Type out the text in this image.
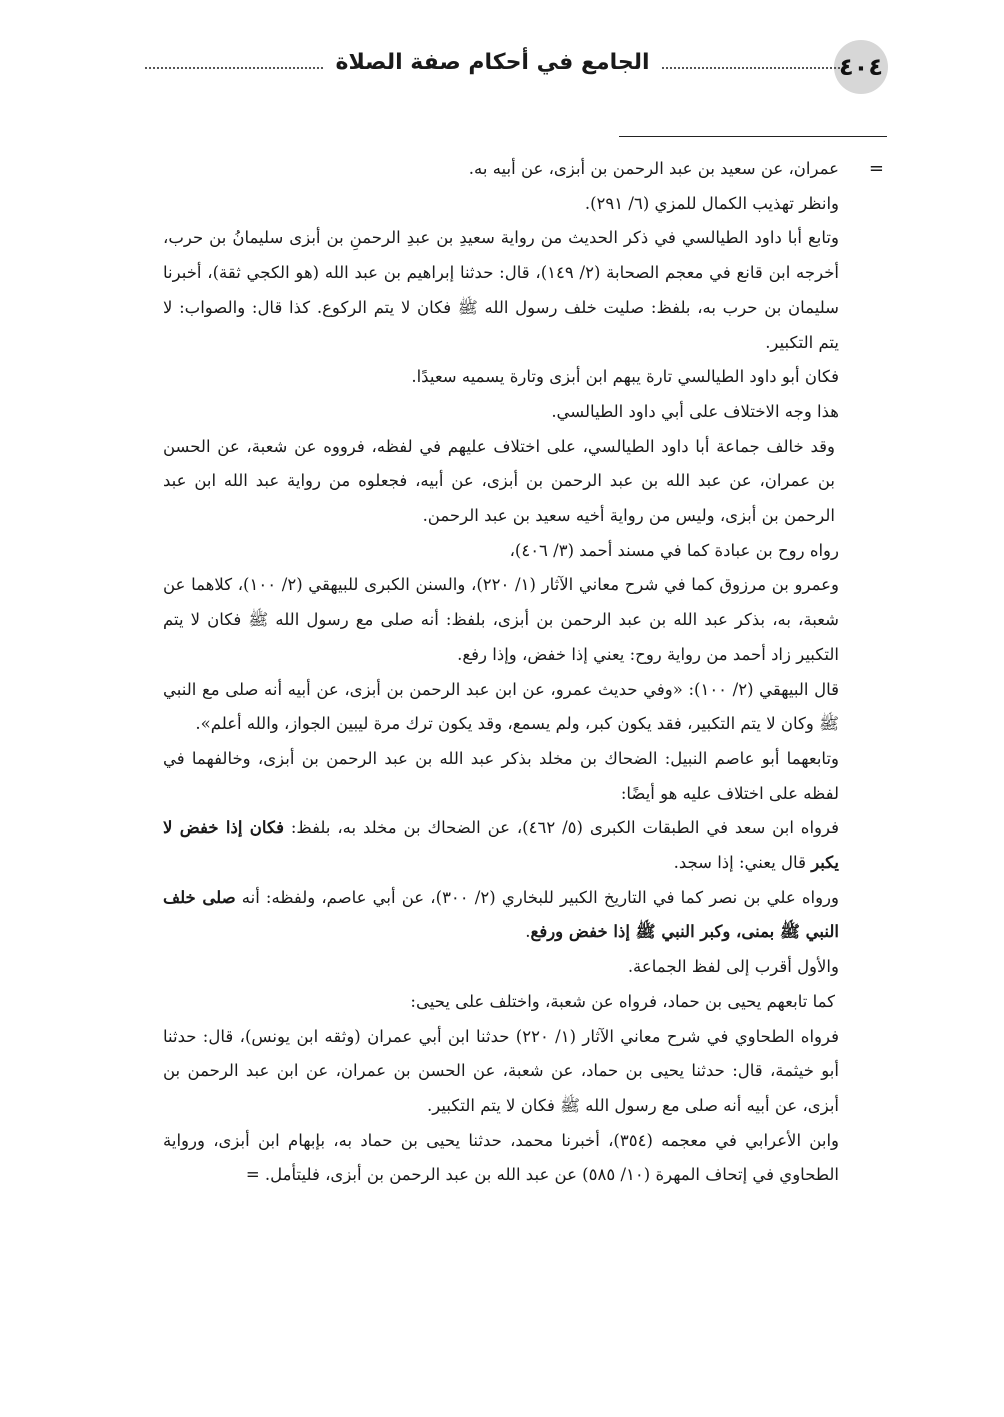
٤٠٤
الجامع في أحكام صفة الصلاة
=

عمران، عن سعيد بن عبد الرحمن بن أبزى، عن أبيه به.

وانظر تهذيب الكمال للمزي (٦/ ٢٩١).

وتابع أبا داود الطيالسي في ذكر الحديث من رواية سعيدِ بن عبدِ الرحمنِ بن أبزى سليمانُ بن حرب، أخرجه ابن قانع في معجم الصحابة (٢/ ١٤٩)، قال: حدثنا إبراهيم بن عبد الله (هو الكجي ثقة)، أخبرنا سليمان بن حرب به، بلفظ: صليت خلف رسول الله ﷺ فكان لا يتم الركوع. كذا قال: والصواب: لا يتم التكبير.

فكان أبو داود الطيالسي تارة يبهم ابن أبزى وتارة يسميه سعيدًا.

هذا وجه الاختلاف على أبي داود الطيالسي.

وقد خالف جماعة أبا داود الطيالسي، على اختلاف عليهم في لفظه، فرووه عن شعبة، عن الحسن بن عمران، عن عبد الله بن عبد الرحمن بن أبزى، عن أبيه، فجعلوه من رواية عبد الله ابن عبد الرحمن بن أبزى، وليس من رواية أخيه سعيد بن عبد الرحمن.

رواه روح بن عبادة كما في مسند أحمد (٣/ ٤٠٦)،

وعمرو بن مرزوق كما في شرح معاني الآثار (١/ ٢٢٠)، والسنن الكبرى للبيهقي (٢/ ١٠٠)، كلاهما عن شعبة، به، بذكر عبد الله بن عبد الرحمن بن أبزى، بلفظ: أنه صلى مع رسول الله ﷺ فكان لا يتم التكبير زاد أحمد من رواية روح: يعني إذا خفض، وإذا رفع.

قال البيهقي (٢/ ١٠٠): «وفي حديث عمرو، عن ابن عبد الرحمن بن أبزى، عن أبيه أنه صلى مع النبي ﷺ وكان لا يتم التكبير، فقد يكون كبر، ولم يسمع، وقد يكون ترك مرة ليبين الجواز، والله أعلم».

وتابعهما أبو عاصم النبيل: الضحاك بن مخلد بذكر عبد الله بن عبد الرحمن بن أبزى، وخالفهما في لفظه على اختلاف عليه هو أيضًا:

فرواه ابن سعد في الطبقات الكبرى (٥/ ٤٦٢)، عن الضحاك بن مخلد به، بلفظ: فكان إذا خفض لا يكبر قال يعني: إذا سجد.

ورواه علي بن نصر كما في التاريخ الكبير للبخاري (٢/ ٣٠٠)، عن أبي عاصم، ولفظه: أنه صلى خلف النبي ﷺ بمنى، وكبر النبي ﷺ إذا خفض ورفع.

والأول أقرب إلى لفظ الجماعة.

كما تابعهم يحيى بن حماد، فرواه عن شعبة، واختلف على يحيى:

فرواه الطحاوي في شرح معاني الآثار (١/ ٢٢٠) حدثنا ابن أبي عمران (وثقه ابن يونس)، قال: حدثنا أبو خيثمة، قال: حدثنا يحيى بن حماد، عن شعبة، عن الحسن بن عمران، عن ابن عبد الرحمن بن أبزى، عن أبيه أنه صلى مع رسول الله ﷺ فكان لا يتم التكبير.

وابن الأعرابي في معجمه (٣٥٤)، أخبرنا محمد، حدثنا يحيى بن حماد به، بإبهام ابن أبزى، ورواية الطحاوي في إتحاف المهرة (١٠/ ٥٨٥) عن عبد الله بن عبد الرحمن بن أبزى، فليتأمل. =
